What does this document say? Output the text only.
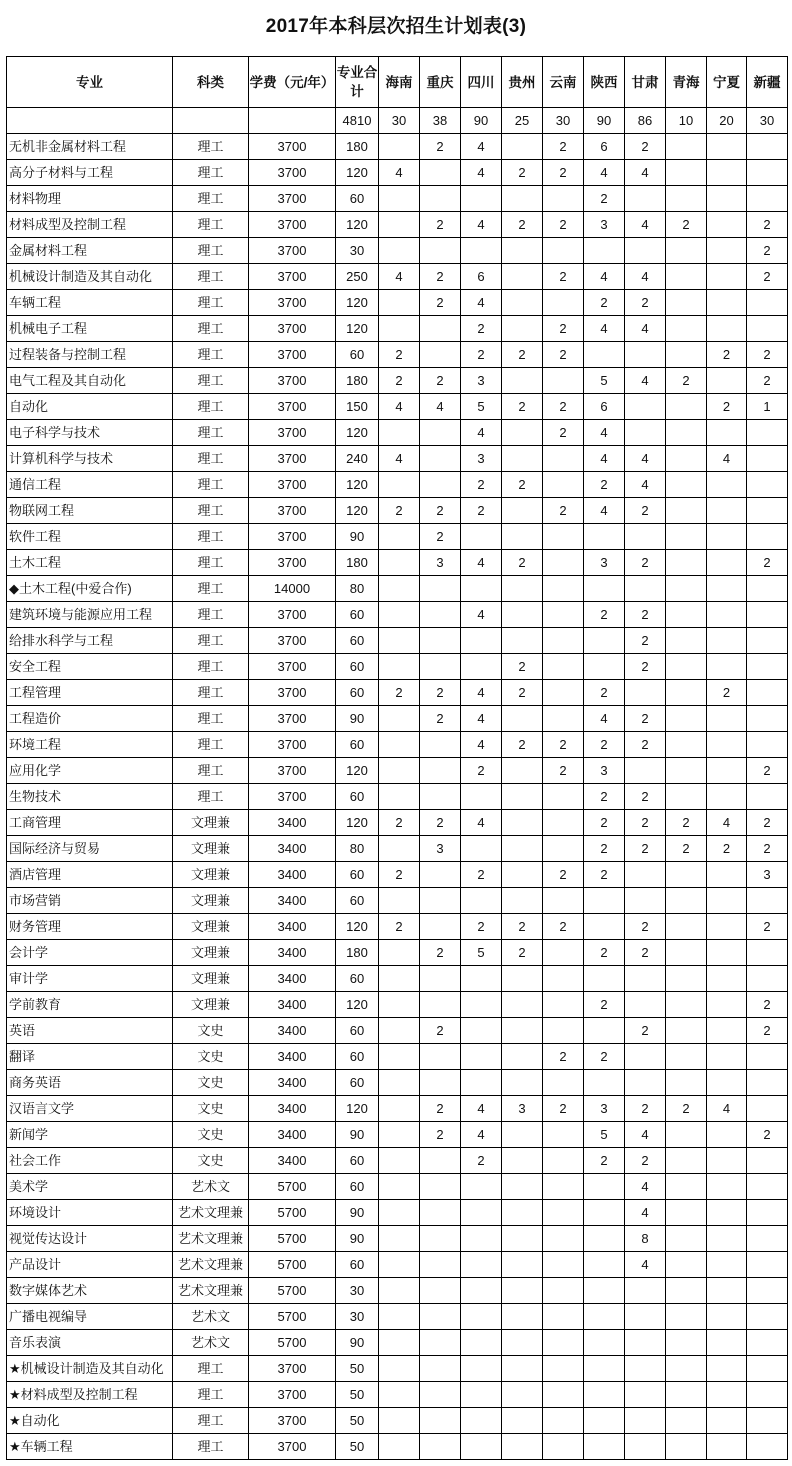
2017年本科层次招生计划表(3)
专业	科类	学费（元/年）	专业合计	海南	重庆	四川	贵州	云南	陕西	甘肃	青海	宁夏	新疆
			4810	30	38	90	25	30	90	86	10	20	30
无机非金属材料工程	理工	3700	180		2	4		2	6	2			
高分子材料与工程	理工	3700	120	4		4	2	2	4	4			
材料物理	理工	3700	60						2				
材料成型及控制工程	理工	3700	120		2	4	2	2	3	4	2		2
金属材料工程	理工	3700	30										2
机械设计制造及其自动化	理工	3700	250	4	2	6		2	4	4			2
车辆工程	理工	3700	120		2	4			2	2			
机械电子工程	理工	3700	120			2		2	4	4			
过程装备与控制工程	理工	3700	60	2		2	2	2				2	2
电气工程及其自动化	理工	3700	180	2	2	3			5	4	2		2
自动化	理工	3700	150	4	4	5	2	2	6			2	1
电子科学与技术	理工	3700	120			4		2	4				
计算机科学与技术	理工	3700	240	4		3			4	4		4	
通信工程	理工	3700	120			2	2		2	4			
物联网工程	理工	3700	120	2	2	2		2	4	2			
软件工程	理工	3700	90		2								
土木工程	理工	3700	180		3	4	2		3	2			2
◆土木工程(中爱合作)	理工	14000	80										
建筑环境与能源应用工程	理工	3700	60			4			2	2			
给排水科学与工程	理工	3700	60							2			
安全工程	理工	3700	60				2			2			
工程管理	理工	3700	60	2	2	4	2		2			2	
工程造价	理工	3700	90		2	4			4	2			
环境工程	理工	3700	60			4	2	2	2	2			
应用化学	理工	3700	120			2		2	3				2
生物技术	理工	3700	60						2	2			
工商管理	文理兼	3400	120	2	2	4			2	2	2	4	2
国际经济与贸易	文理兼	3400	80		3				2	2	2	2	2
酒店管理	文理兼	3400	60	2		2		2	2				3
市场营销	文理兼	3400	60										
财务管理	文理兼	3400	120	2		2	2	2		2			2
会计学	文理兼	3400	180		2	5	2		2	2			
审计学	文理兼	3400	60										
学前教育	文理兼	3400	120						2				2
英语	文史	3400	60		2					2			2
翻译	文史	3400	60					2	2				
商务英语	文史	3400	60										
汉语言文学	文史	3400	120		2	4	3	2	3	2	2	4	
新闻学	文史	3400	90		2	4			5	4			2
社会工作	文史	3400	60			2			2	2			
美术学	艺术文	5700	60							4			
环境设计	艺术文理兼	5700	90							4			
视觉传达设计	艺术文理兼	5700	90							8			
产品设计	艺术文理兼	5700	60							4			
数字媒体艺术	艺术文理兼	5700	30										
广播电视编导	艺术文	5700	30										
音乐表演	艺术文	5700	90										
★机械设计制造及其自动化	理工	3700	50										
★材料成型及控制工程	理工	3700	50										
★自动化	理工	3700	50										
★车辆工程	理工	3700	50										
